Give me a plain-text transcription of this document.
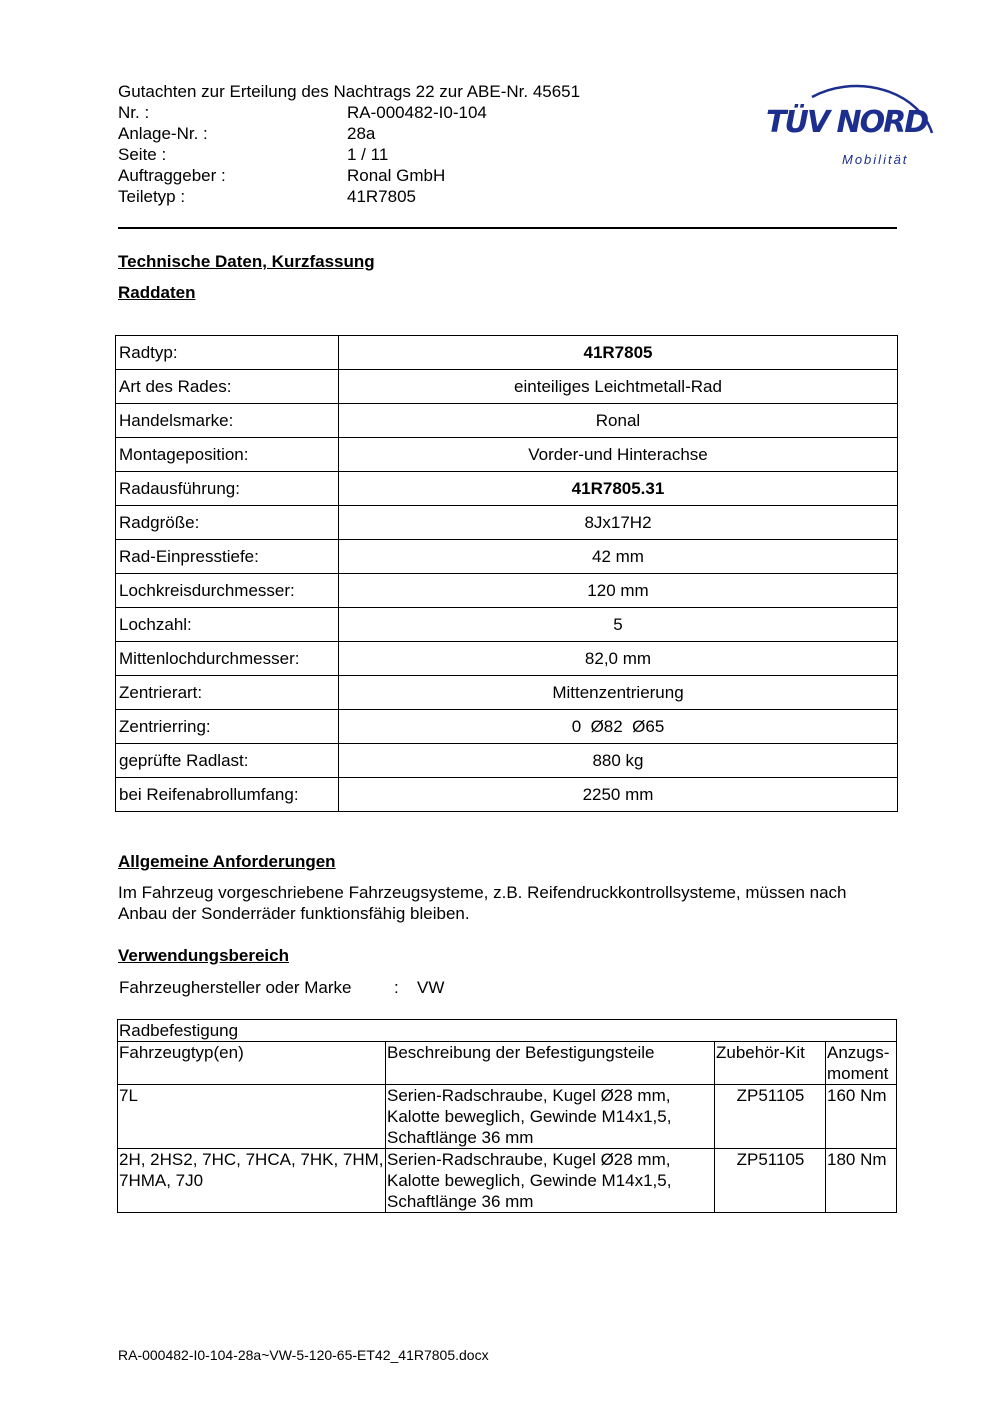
Gutachten zur Erteilung des Nachtrags 22 zur ABE-Nr. 45651
Nr. :	RA-000482-I0-104
Anlage-Nr. :	28a
Seite :	1 / 11
Auftraggeber :	Ronal GmbH
Teiletyp :	41R7805
TÜV NORD
Mobilität
Technische Daten, Kurzfassung
Raddaten
Radtyp:	41R7805
Art des Rades:	einteiliges Leichtmetall-Rad
Handelsmarke:	Ronal
Montageposition:	Vorder-und Hinterachse
Radausführung:	41R7805.31
Radgröße:	8Jx17H2
Rad-Einpresstiefe:	42 mm
Lochkreisdurchmesser:	120 mm
Lochzahl:	5
Mittenlochdurchmesser:	82,0 mm
Zentrierart:	Mittenzentrierung
Zentrierring:	0  Ø82  Ø65
geprüfte Radlast:	880 kg
bei Reifenabrollumfang:	2250 mm
Allgemeine Anforderungen
Im Fahrzeug vorgeschriebene Fahrzeugsysteme, z.B. Reifendruckkontrollsysteme, müssen nach Anbau der Sonderräder funktionsfähig bleiben.
Verwendungsbereich
Fahrzeughersteller oder Marke	:	VW
Radbefestigung			
Fahrzeugtyp(en)	Beschreibung der Befestigungsteile	Zubehör-Kit	Anzugs-moment
7L	Serien-Radschraube, Kugel Ø28 mm, Kalotte beweglich, Gewinde M14x1,5, Schaftlänge 36 mm	ZP51105	160 Nm
2H, 2HS2, 7HC, 7HCA, 7HK, 7HM, 7HMA, 7J0	Serien-Radschraube, Kugel Ø28 mm, Kalotte beweglich, Gewinde M14x1,5, Schaftlänge 36 mm	ZP51105	180 Nm
RA-000482-I0-104-28a~VW-5-120-65-ET42_41R7805.docx
